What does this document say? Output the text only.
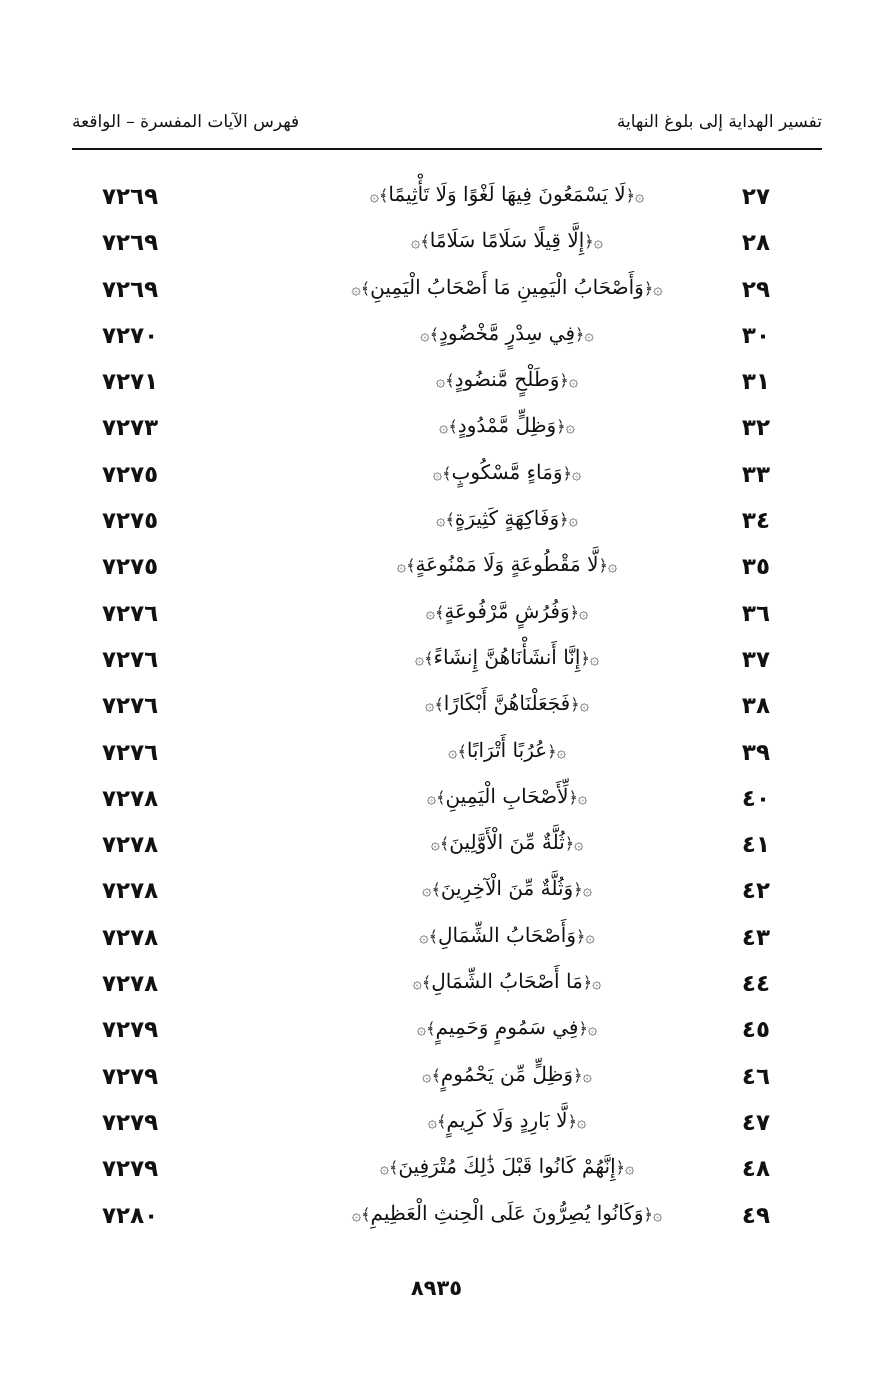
تفسير الهداية إلى بلوغ النهاية
فهرس الآيات المفسرة – الواقعة
٢٧
۞﴿لَا يَسْمَعُونَ فِيهَا لَغْوًا وَلَا تَأْثِيمًا﴾۞
٧٢٦٩
٢٨
۞﴿إِلَّا قِيلًا سَلَامًا سَلَامًا﴾۞
٧٢٦٩
٢٩
۞﴿وَأَصْحَابُ الْيَمِينِ مَا أَصْحَابُ الْيَمِينِ﴾۞
٧٢٦٩
٣٠
۞﴿فِي سِدْرٍ مَّخْضُودٍ﴾۞
٧٢٧٠
٣١
۞﴿وَطَلْحٍ مَّنضُودٍ﴾۞
٧٢٧١
٣٢
۞﴿وَظِلٍّ مَّمْدُودٍ﴾۞
٧٢٧٣
٣٣
۞﴿وَمَاءٍ مَّسْكُوبٍ﴾۞
٧٢٧٥
٣٤
۞﴿وَفَاكِهَةٍ كَثِيرَةٍ﴾۞
٧٢٧٥
٣٥
۞﴿لَّا مَقْطُوعَةٍ وَلَا مَمْنُوعَةٍ﴾۞
٧٢٧٥
٣٦
۞﴿وَفُرُشٍ مَّرْفُوعَةٍ﴾۞
٧٢٧٦
٣٧
۞﴿إِنَّا أَنشَأْنَاهُنَّ إِنشَاءً﴾۞
٧٢٧٦
٣٨
۞﴿فَجَعَلْنَاهُنَّ أَبْكَارًا﴾۞
٧٢٧٦
٣٩
۞﴿عُرُبًا أَتْرَابًا﴾۞
٧٢٧٦
٤٠
۞﴿لِّأَصْحَابِ الْيَمِينِ﴾۞
٧٢٧٨
٤١
۞﴿ثُلَّةٌ مِّنَ الْأَوَّلِينَ﴾۞
٧٢٧٨
٤٢
۞﴿وَثُلَّةٌ مِّنَ الْآخِرِينَ﴾۞
٧٢٧٨
٤٣
۞﴿وَأَصْحَابُ الشِّمَالِ﴾۞
٧٢٧٨
٤٤
۞﴿مَا أَصْحَابُ الشِّمَالِ﴾۞
٧٢٧٨
٤٥
۞﴿فِي سَمُومٍ وَحَمِيمٍ﴾۞
٧٢٧٩
٤٦
۞﴿وَظِلٍّ مِّن يَحْمُومٍ﴾۞
٧٢٧٩
٤٧
۞﴿لَّا بَارِدٍ وَلَا كَرِيمٍ﴾۞
٧٢٧٩
٤٨
۞﴿إِنَّهُمْ كَانُوا قَبْلَ ذَٰلِكَ مُتْرَفِينَ﴾۞
٧٢٧٩
٤٩
۞﴿وَكَانُوا يُصِرُّونَ عَلَى الْحِنثِ الْعَظِيمِ﴾۞
٧٢٨٠
٨٩٣٥
